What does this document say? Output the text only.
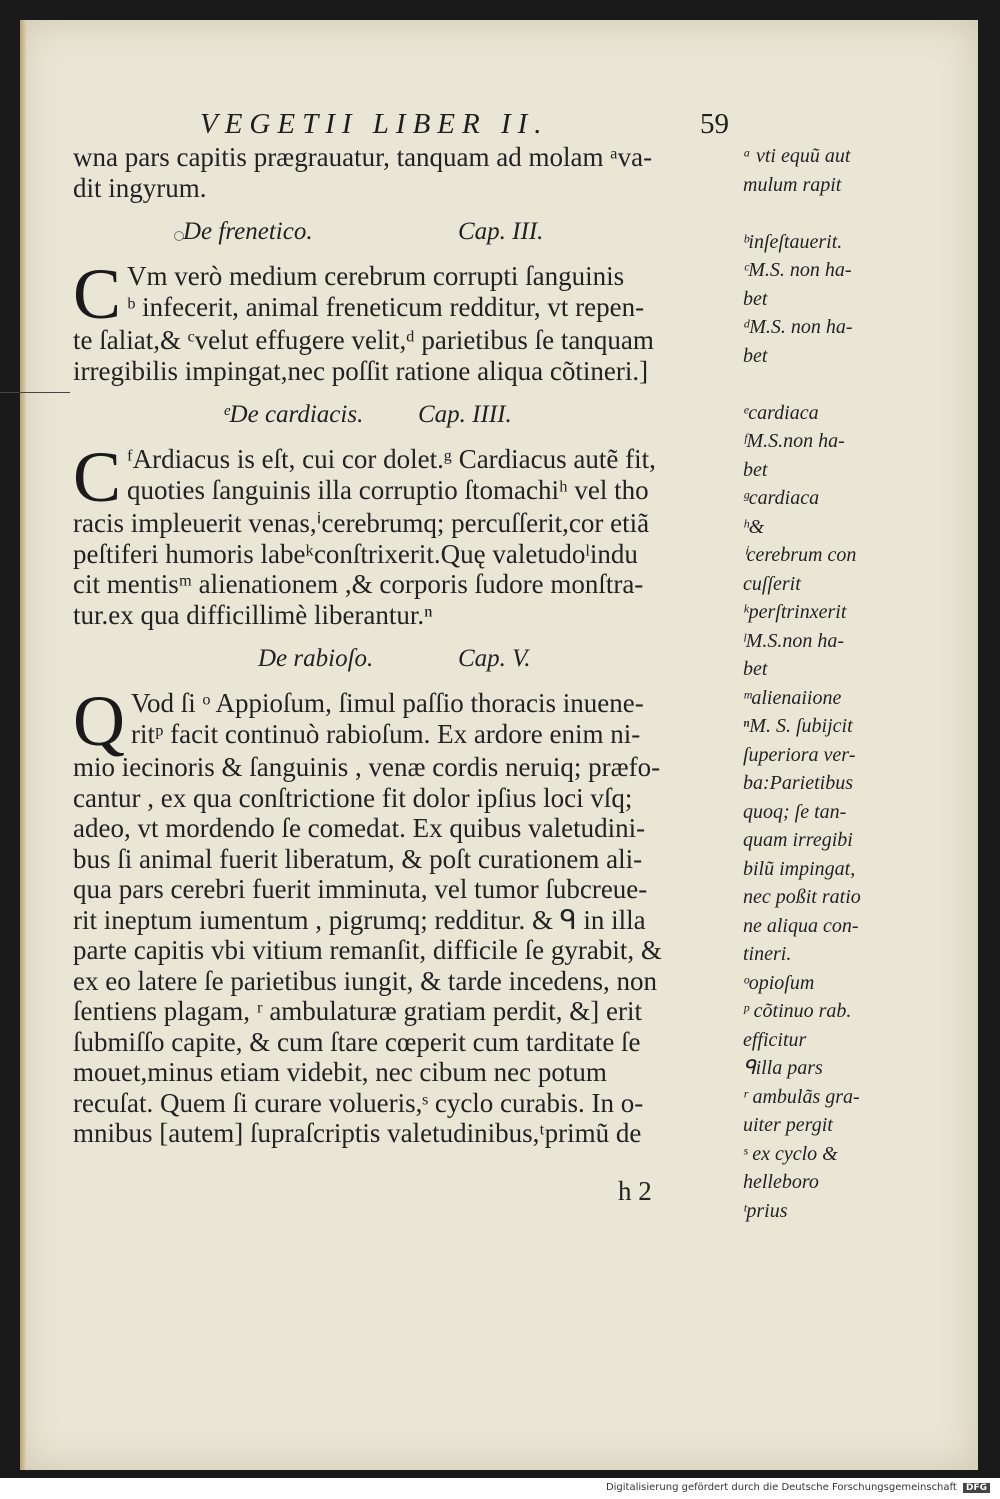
VEGETII LIBER II.	59
wna pars capitis prægrauatur, tanquam ad molam ᵃva-
dit ingyrum.
De frenetico.	Cap. III.
C Vm verò medium cerebrum corrupti ſanguinis
ᵇ infecerit, animal freneticum redditur, vt repen-
te ſaliat,& ᶜvelut effugere velit,ᵈ parietibus ſe tanquam
irregibilis impingat,nec poſſit ratione aliqua cõtineri.]
ᵉDe cardiacis. Cap. IIII.
C ᶠArdiacus is eſt, cui cor dolet.ᵍ Cardiacus autẽ fit,
quoties ſanguinis illa corruptio ſtomachiʰ vel tho
racis impleuerit venas,ⁱcerebrumq; percuſſerit,cor etiã
peſtiferi humoris labeᵏconſtrixerit.Quę valetudoˡindu
cit mentisᵐ alienationem ,& corporis ſudore monſtra-
tur.ex qua difficillimè liberantur.ⁿ
De rabioſo.	Cap. V.
Q Vod ſi ᵒ Appioſum, ſimul paſſio thoracis inuene-
ritᵖ facit continuò rabioſum. Ex ardore enim ni-
mio iecinoris & ſanguinis , venæ cordis neruiq; præfo-
cantur , ex qua conſtrictione fit dolor ipſius loci vſq;
adeo, vt mordendo ſe comedat. Ex quibus valetudini-
bus ſi animal fuerit liberatum, & poſt curationem ali-
qua pars cerebri fuerit imminuta, vel tumor ſubcreue-
rit ineptum iumentum , pigrumq; redditur. & ᑫ in illa
parte capitis vbi vitium remanſit, difficile ſe gyrabit, &
ex eo latere ſe parietibus iungit, & tarde incedens, non
ſentiens plagam, ʳ ambulaturæ gratiam perdit, &] erit
ſubmiſſo capite, & cum ſtare cœperit cum tarditate ſe
mouet,minus etiam videbit, nec cibum nec potum
recuſat. Quem ſi curare volueris,ˢ cyclo curabis. In o-
mnibus [autem] ſupraſcriptis valetudinibus,ᵗprimũ de
h 2
ᵃ vti equũ aut
mulum rapit
ᵇinſeſtauerit.
ᶜM.S. non ha-
bet
ᵈM.S. non ha-
bet
ᵉcardiaca
ᶠM.S.non ha-
bet
ᵍcardiaca
ʰ&
ⁱcerebrum con
cuſſerit
ᵏperſtrinxerit
ˡM.S.non ha-
bet
ᵐalienaiione
ⁿM. S. ſubijcit
ſuperiora ver-
ba:Parietibus
quoq; ſe tan-
quam irregibi
bilũ impingat,
nec poßit ratio
ne aliqua con-
tineri.
ᵒopioſum
ᵖ cõtinuo rab.
efficitur
ᑫilla pars
ʳ ambulãs gra-
uiter pergit
ˢ ex cyclo &
helleboro
ᵗprius
Digitalisierung gefördert durch die Deutsche Forschungsgemeinschaft DFG
